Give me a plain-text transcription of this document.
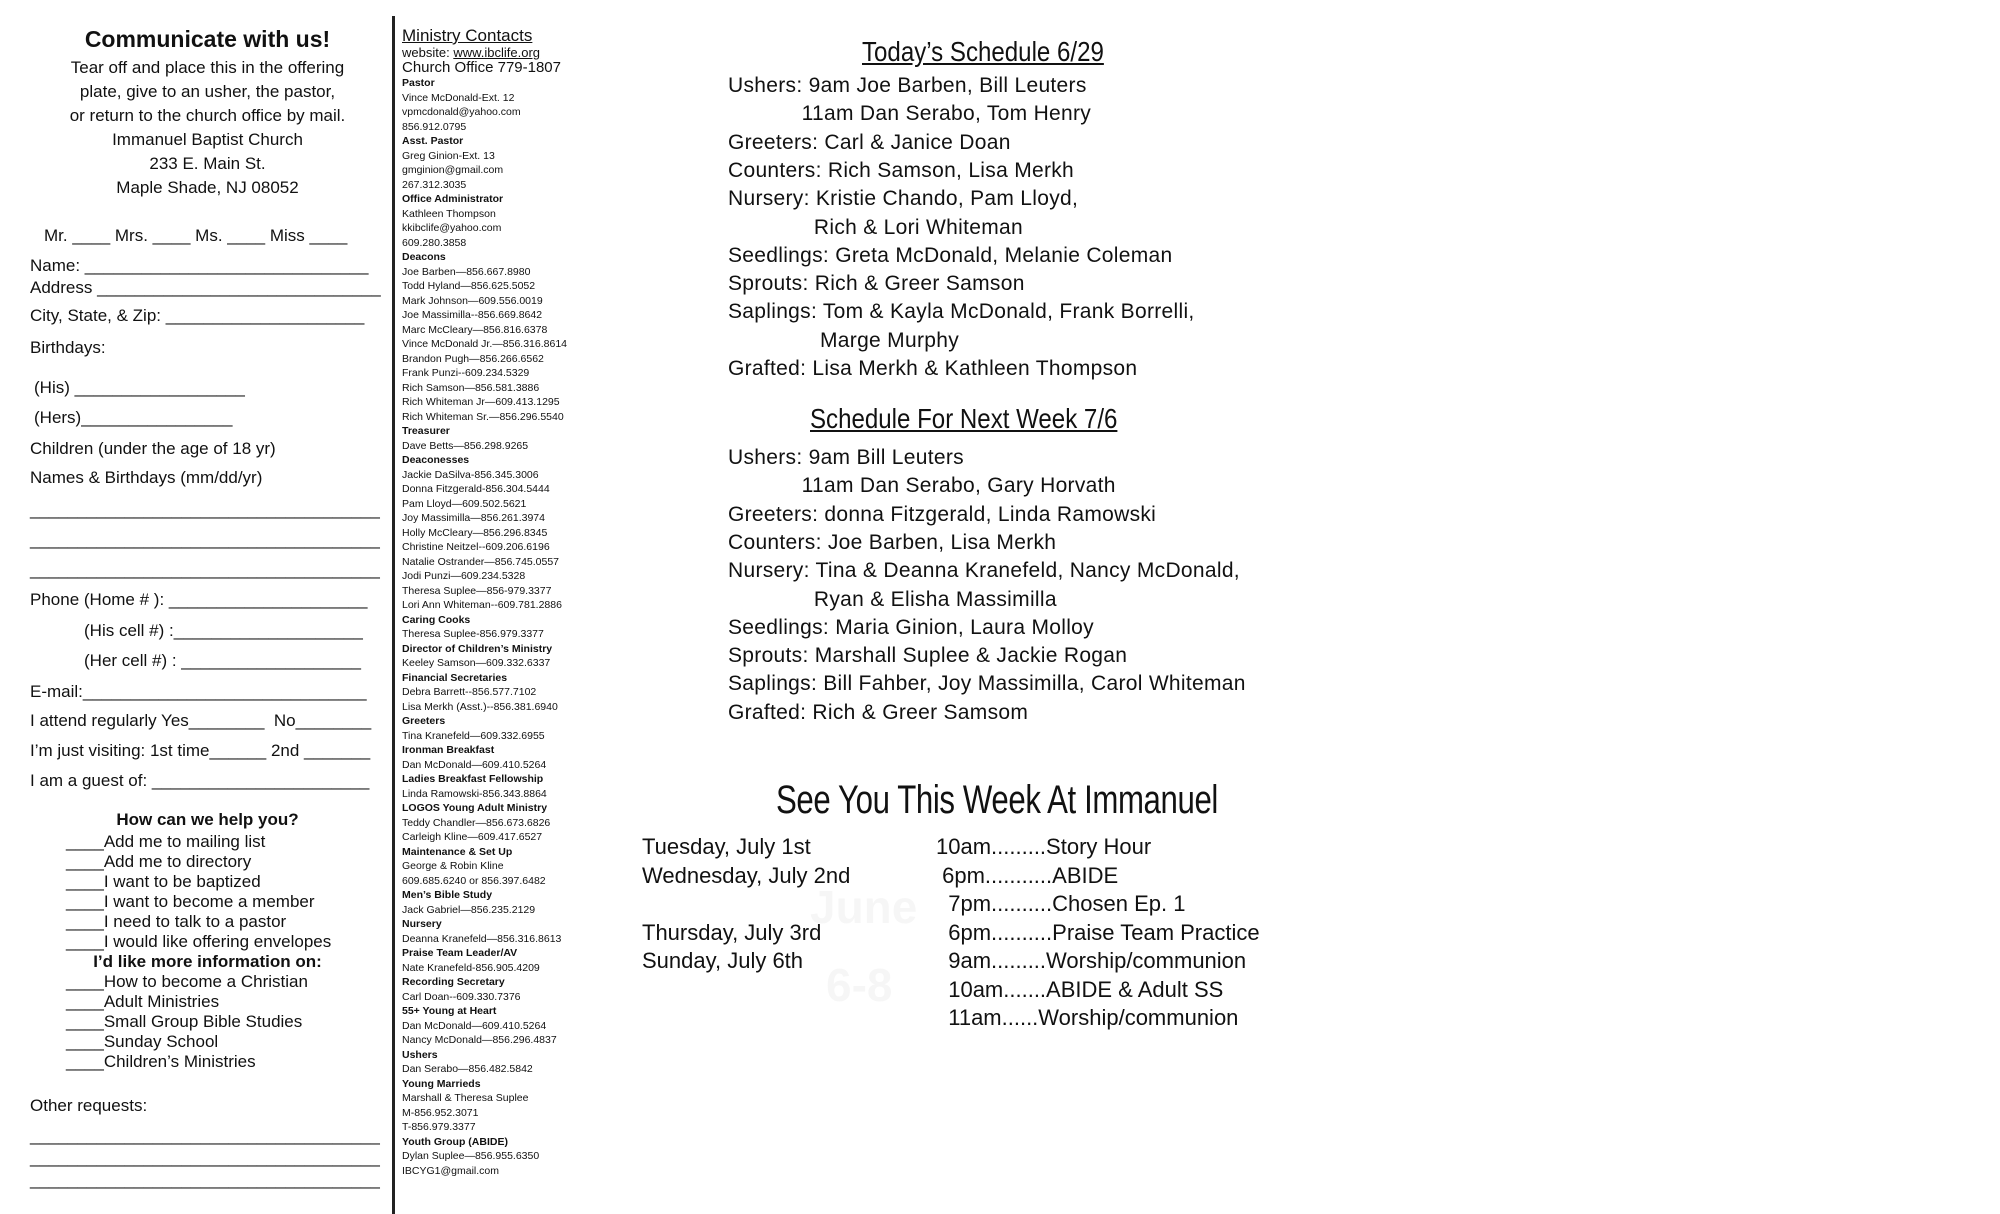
Communicate with us!
Tear off and place this in the offering
plate, give to an usher, the pastor,
or return to the church office by mail.
Immanuel Baptist Church
233 E. Main St.
Maple Shade, NJ 08052
Mr. ____ Mrs. ____ Ms. ____ Miss ____
Name: ______________________________
Address ______________________________
City, State, & Zip: _____________________
Birthdays:
(His) __________________
(Hers)________________
Children (under the age of 18 yr)
Names & Birthdays (mm/dd/yr)
_____________________________________
_____________________________________
_____________________________________
Phone (Home # ): _____________________
(His cell #) :____________________
(Her cell #) : ___________________
E-mail:______________________________
I attend regularly Yes________  No________
I’m just visiting: 1st time______ 2nd _______
I am a guest of: _______________________
How can we help you?
____Add me to mailing list
____Add me to directory
____I want to be baptized
____I want to become a member
____I need to talk to a pastor
____I would like offering envelopes
I’d like more information on:
____How to become a Christian
____Adult Ministries
____Small Group Bible Studies
____Sunday School
____Children’s Ministries
Other requests:
_____________________________________
_____________________________________
_____________________________________
Ministry Contacts
website: www.ibclife.org
Church Office 779-1807
Pastor
Vince McDonald-Ext. 12
vpmcdonald@yahoo.com
856.912.0795
Asst. Pastor
Greg Ginion-Ext. 13
gmginion@gmail.com
267.312.3035
Office Administrator
Kathleen Thompson
kkibclife@yahoo.com
609.280.3858
Deacons
Joe Barben—856.667.8980
Todd Hyland—856.625.5052
Mark Johnson—609.556.0019
Joe Massimilla--856.669.8642
Marc McCleary—856.816.6378
Vince McDonald Jr.—856.316.8614
Brandon Pugh—856.266.6562
Frank Punzi--609.234.5329
Rich Samson—856.581.3886
Rich Whiteman Jr—609.413.1295
Rich Whiteman Sr.—856.296.5540
Treasurer
Dave Betts—856.298.9265
Deaconesses
Jackie DaSilva-856.345.3006
Donna Fitzgerald-856.304.5444
Pam Lloyd—609.502.5621
Joy Massimilla—856.261.3974
Holly McCleary—856.296.8345
Christine Neitzel--609.206.6196
Natalie Ostrander—856.745.0557
Jodi Punzi—609.234.5328
Theresa Suplee—856-979.3377
Lori Ann Whiteman--609.781.2886
Caring Cooks
Theresa Suplee-856.979.3377
Director of Children’s Ministry
Keeley Samson—609.332.6337
Financial Secretaries
Debra Barrett--856.577.7102
Lisa Merkh (Asst.)--856.381.6940
Greeters
Tina Kranefeld—609.332.6955
Ironman Breakfast
Dan McDonald—609.410.5264
Ladies Breakfast Fellowship
Linda Ramowski-856.343.8864
LOGOS Young Adult Ministry
Teddy Chandler—856.673.6826
Carleigh Kline—609.417.6527
Maintenance & Set Up
George & Robin Kline
609.685.6240 or 856.397.6482
Men’s Bible Study
Jack Gabriel—856.235.2129
Nursery
Deanna Kranefeld—856.316.8613
Praise Team Leader/AV
Nate Kranefeld-856.905.4209
Recording Secretary
Carl Doan--609.330.7376
55+ Young at Heart
Dan McDonald—609.410.5264
Nancy McDonald—856.296.4837
Ushers
Dan Serabo—856.482.5842
Young Marrieds
Marshall & Theresa Suplee
M-856.952.3071
T-856.979.3377
Youth Group (ABIDE)
Dylan Suplee—856.955.6350
IBCYG1@gmail.com
Today’s Schedule 6/29
Ushers: 9am Joe Barben, Bill Leuters
11am Dan Serabo, Tom Henry
Greeters: Carl & Janice Doan
Counters: Rich Samson, Lisa Merkh
Nursery: Kristie Chando, Pam Lloyd,
Rich & Lori Whiteman
Seedlings: Greta McDonald, Melanie Coleman
Sprouts: Rich & Greer Samson
Saplings: Tom & Kayla McDonald, Frank Borrelli,
Marge Murphy
Grafted: Lisa Merkh & Kathleen Thompson
Schedule For Next Week 7/6
Ushers: 9am Bill Leuters
11am Dan Serabo, Gary Horvath
Greeters: donna Fitzgerald, Linda Ramowski
Counters: Joe Barben, Lisa Merkh
Nursery: Tina & Deanna Kranefeld, Nancy McDonald,
Ryan & Elisha Massimilla
Seedlings: Maria Ginion, Laura Molloy
Sprouts: Marshall Suplee & Jackie Rogan
Saplings: Bill Fahber, Joy Massimilla, Carol Whiteman
Grafted: Rich & Greer Samsom
See You This Week At Immanuel
Tuesday, July 1st
Wednesday, July 2nd
Thursday, July 3rd
Sunday, July 6th
10am.........Story Hour
6pm...........ABIDE
7pm..........Chosen Ep. 1
6pm..........Praise Team Practice
9am.........Worship/communion
10am.......ABIDE & Adult SS
11am......Worship/communion
